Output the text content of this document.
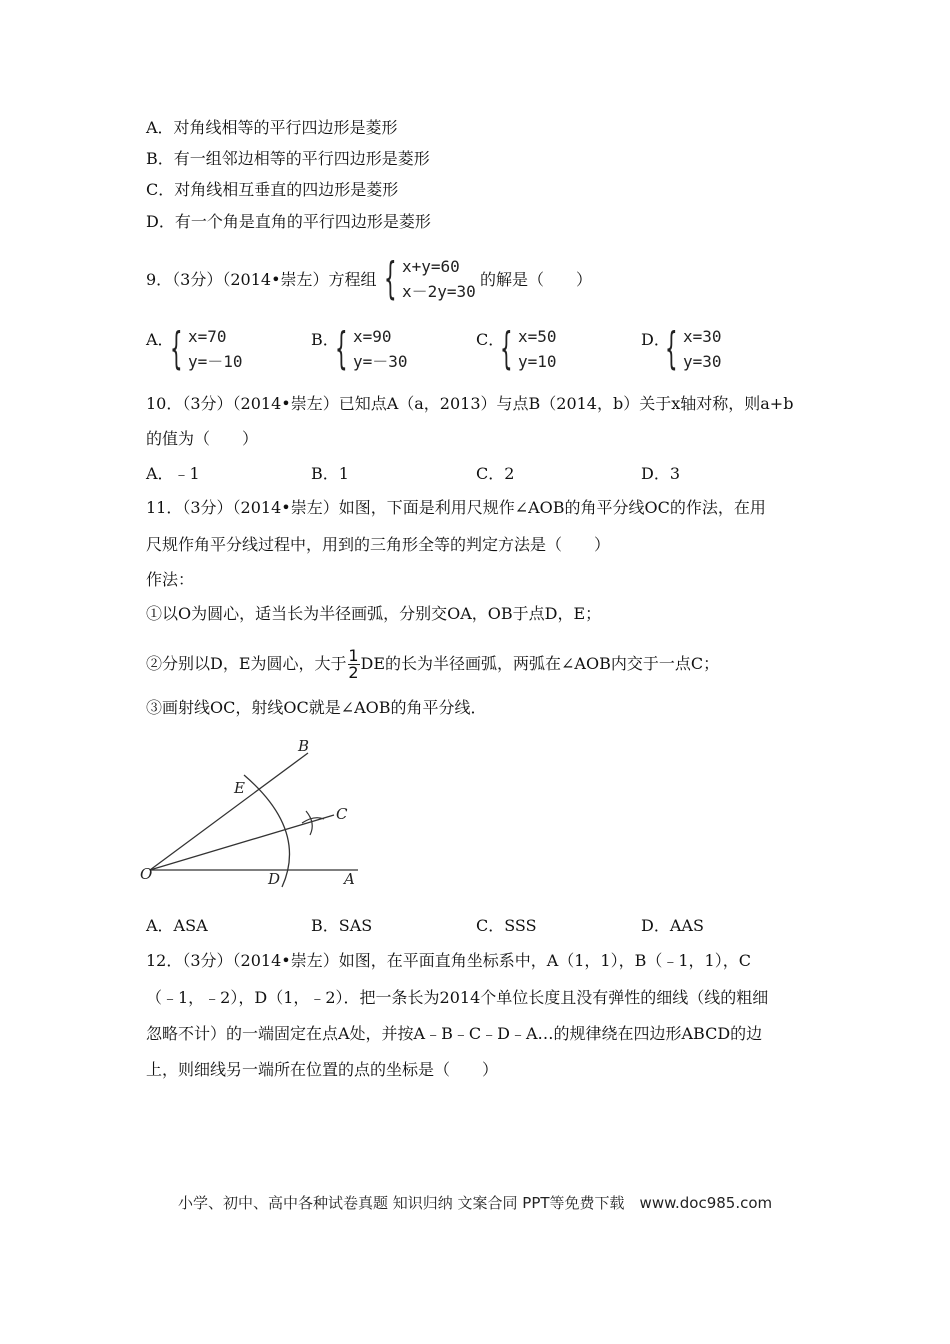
A．对角线相等的平行四边形是菱形
B．有一组邻边相等的平行四边形是菱形
C．对角线相互垂直的四边形是菱形
D．有一个角是直角的平行四边形是菱形
9．（3分）（2014•崇左）方程组 { x+y=60
x－2y=30
的解是（　　）
A．
{ x=70
y=－10
B．
{ x=90
y=－30
C．
{ x=50
y=10
D．
{ x=30
y=30
10．（3分）（2014•崇左）已知点A（a，2013）与点B（2014，b）关于x轴对称，则a+b
的值为（　　）
A．﹣1	B．1	C．2	D．3
11．（3分）（2014•崇左）如图，下面是利用尺规作∠AOB的角平分线OC的作法，在用
尺规作角平分线过程中，用到的三角形全等的判定方法是（　　）
作法：
①以O为圆心，适当长为半径画弧，分别交OA，OB于点D，E；
②分别以D，E为圆心，大于 $\frac{1}{2}$ DE的长为半径画弧，两弧在∠AOB内交于一点C；
③画射线OC，射线OC就是∠AOB的角平分线．
O	A
B
C
D
E
A．ASA	B．SAS	C．SSS	D．AAS
12．（3分）（2014•崇左）如图，在平面直角坐标系中，A（1，1），B（﹣1，1），C
（﹣1，﹣2），D（1，﹣2）．把一条长为2014个单位长度且没有弹性的细线（线的粗细
忽略不计）的一端固定在点A处，并按A﹣B﹣C﹣D﹣A…的规律绕在四边形ABCD的边
上，则细线另一端所在位置的点的坐标是（　　）
小学、初中、高中各种试卷真题 知识归纳 文案合同 PPT等免费下载　www.doc985.com
